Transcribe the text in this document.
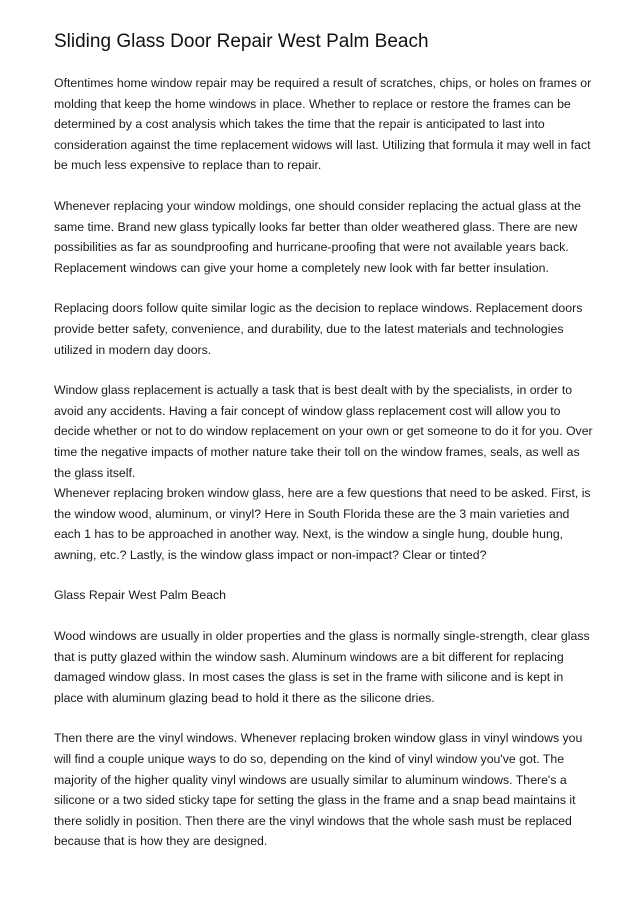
Sliding Glass Door Repair West Palm Beach

Oftentimes home window repair may be required a result of scratches, chips, or holes on frames or molding that keep the home windows in place. Whether to replace or restore the frames can be determined by a cost analysis which takes the time that the repair is anticipated to last into consideration against the time replacement widows will last. Utilizing that formula it may well in fact be much less expensive to replace than to repair.

Whenever replacing your window moldings, one should consider replacing the actual glass at the same time. Brand new glass typically looks far better than older weathered glass. There are new possibilities as far as soundproofing and hurricane-proofing that were not available years back. Replacement windows can give your home a completely new look with far better insulation.

Replacing doors follow quite similar logic as the decision to replace windows. Replacement doors provide better safety, convenience, and durability, due to the latest materials and technologies utilized in modern day doors.

Window glass replacement is actually a task that is best dealt with by the specialists, in order to avoid any accidents. Having a fair concept of window glass replacement cost will allow you to decide whether or not to do window replacement on your own or get someone to do it for you. Over time the negative impacts of mother nature take their toll on the window frames, seals, as well as the glass itself.

Whenever replacing broken window glass, here are a few questions that need to be asked. First, is the window wood, aluminum, or vinyl? Here in South Florida these are the 3 main varieties and each 1 has to be approached in another way. Next, is the window a single hung, double hung, awning, etc.? Lastly, is the window glass impact or non-impact? Clear or tinted?

Glass Repair West Palm Beach

Wood windows are usually in older properties and the glass is normally single-strength, clear glass that is putty glazed within the window sash. Aluminum windows are a bit different for replacing damaged window glass. In most cases the glass is set in the frame with silicone and is kept in place with aluminum glazing bead to hold it there as the silicone dries.

Then there are the vinyl windows. Whenever replacing broken window glass in vinyl windows you will find a couple unique ways to do so, depending on the kind of vinyl window you've got. The majority of the higher quality vinyl windows are usually similar to aluminum windows. There's a silicone or a two sided sticky tape for setting the glass in the frame and a snap bead maintains it there solidly in position. Then there are the vinyl windows that the whole sash must be replaced because that is how they are designed.
